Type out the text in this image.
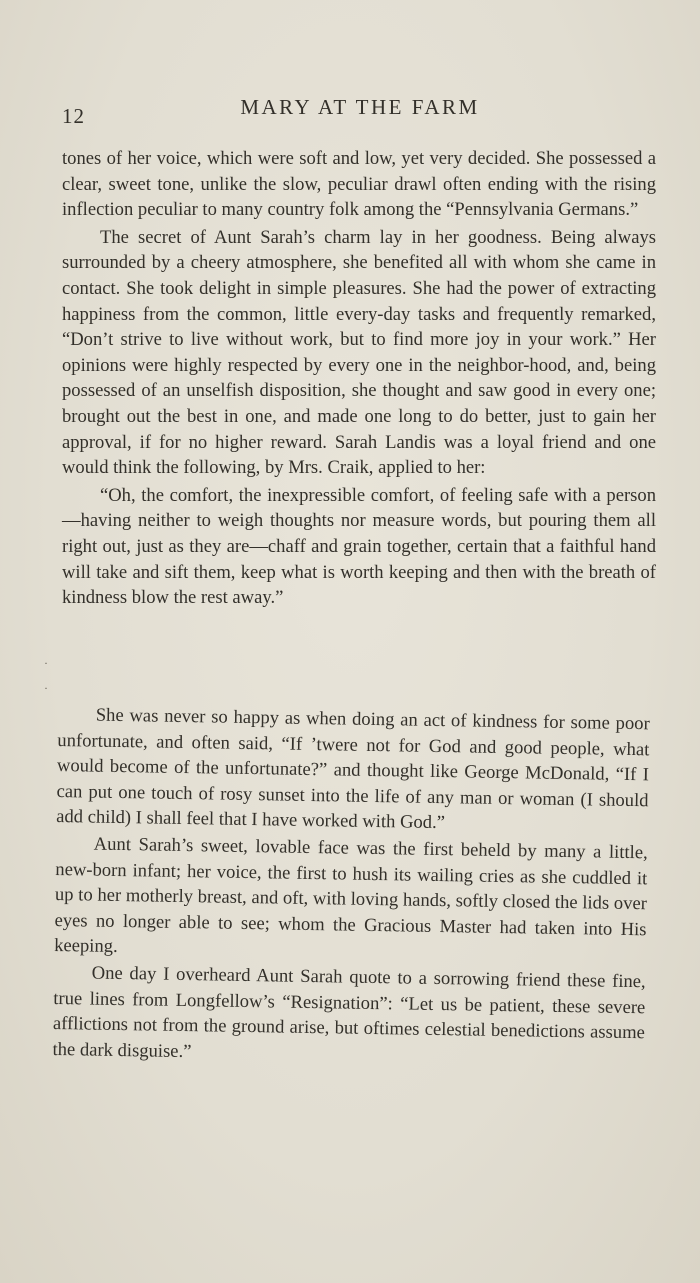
12	MARY AT THE FARM

tones of her voice, which were soft and low, yet very decided. She possessed a clear, sweet tone, unlike the slow, peculiar drawl often ending with the rising inflection peculiar to many country folk among the “Pennsylvania Germans.”

The secret of Aunt Sarah’s charm lay in her goodness. Being always surrounded by a cheery atmosphere, she benefited all with whom she came in contact. She took delight in simple pleasures. She had the power of extracting happiness from the common, little every-day tasks and frequently remarked, “Don’t strive to live without work, but to find more joy in your work.” Her opinions were highly respected by every one in the neighbor-hood, and, being possessed of an unselfish disposition, she thought and saw good in every one; brought out the best in one, and made one long to do better, just to gain her approval, if for no higher reward. Sarah Landis was a loyal friend and one would think the following, by Mrs. Craik, applied to her:

“Oh, the comfort, the inexpressible comfort, of feeling safe with a person—having neither to weigh thoughts nor measure words, but pouring them all right out, just as they are—chaff and grain together, certain that a faithful hand will take and sift them, keep what is worth keeping and then with the breath of kindness blow the rest away.”

She was never so happy as when doing an act of kindness for some poor unfortunate, and often said, “If ’twere not for God and good people, what would become of the unfortunate?” and thought like George McDonald, “If I can put one touch of rosy sunset into the life of any man or woman (I should add child) I shall feel that I have worked with God.”

Aunt Sarah’s sweet, lovable face was the first beheld by many a little, new-born infant; her voice, the first to hush its wailing cries as she cuddled it up to her motherly breast, and oft, with loving hands, softly closed the lids over eyes no longer able to see; whom the Gracious Master had taken into His keeping.

One day I overheard Aunt Sarah quote to a sorrowing friend these fine, true lines from Longfellow’s “Resignation”: “Let us be patient, these severe afflictions not from the ground arise, but oftimes celestial benedictions assume the dark disguise.”

·
·
